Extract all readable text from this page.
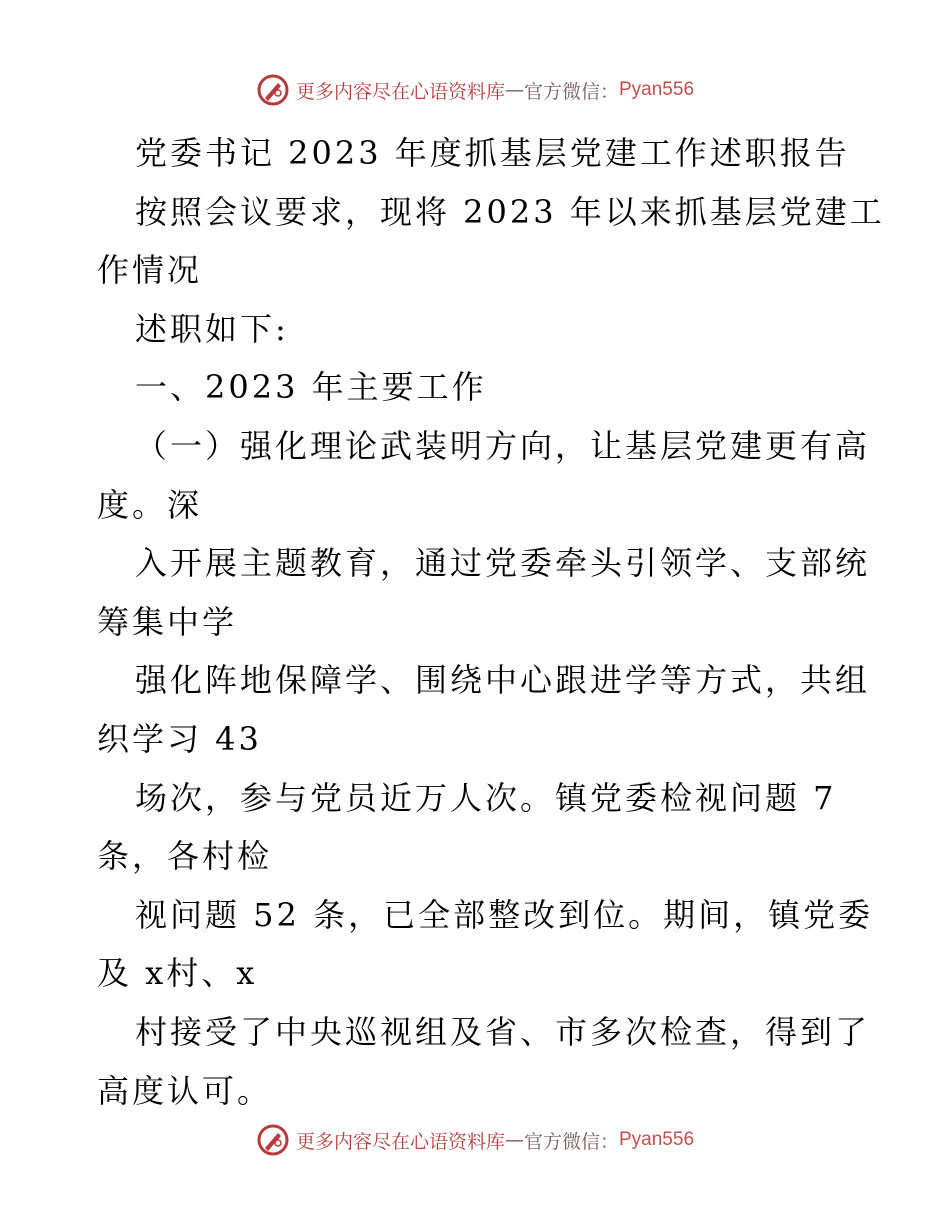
更多内容尽在心语资料库 — 官方微信： Pyan556
党委书记 2023 年度抓基层党建工作述职报告
按照会议要求，现将 2023 年以来抓基层党建工
作情况
述职如下:
一、2023 年主要工作
（一）强化理论武装明方向，让基层党建更有高
度。深
入开展主题教育，通过党委牵头引领学、支部统
筹集中学
强化阵地保障学、围绕中心跟进学等方式，共组
织学习 43
场次，参与党员近万人次。镇党委检视问题 7
条，各村检
视问题 52 条，已全部整改到位。期间，镇党委
及 x村、x
村接受了中央巡视组及省、市多次检查，得到了
高度认可。
更多内容尽在心语资料库 — 官方微信： Pyan556
